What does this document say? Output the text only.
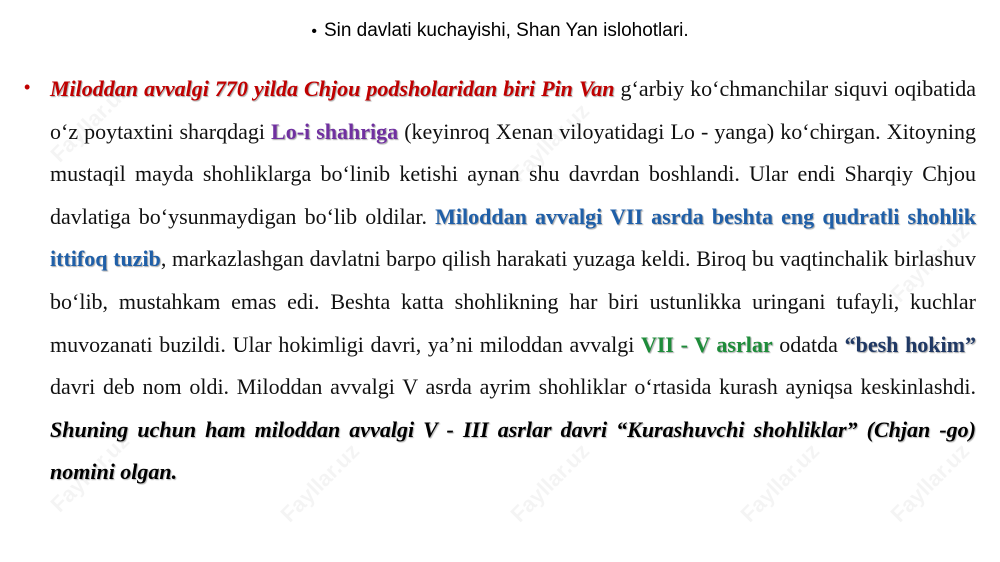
• Sin davlati kuchayishi, Shan Yan islohotlari.
• Miloddan avvalgi 770 yilda Chjou podsholaridan biri Pin Van g‘arbiy ko‘chmanchilar siquvi oqibatida o‘z poytaxtini sharqdagi Lo-i shahriga (keyinroq Xenan viloyatidagi Lo - yanga) ko‘chirgan. Xitoyning mustaqil mayda shohliklarga bo‘linib ketishi aynan shu davrdan boshlandi. Ular endi Sharqiy Chjou davlatiga bo‘ysunmaydigan bo‘lib oldilar. Miloddan avvalgi VII asrda beshta eng qudratli shohlik ittifoq tuzib, markazlashgan davlatni barpo qilish harakati yuzaga keldi. Biroq bu vaqtinchalik birlashuv bo‘lib, mustahkam emas edi. Beshta katta shohlikning har biri ustunlikka uringani tufayli, kuchlar muvozanati buzildi. Ular hokimligi davri, ya’ni miloddan avvalgi VII - V asrlar odatda “besh hokim” davri deb nom oldi. Miloddan avvalgi V asrda ayrim shohliklar o‘rtasida kurash ayniqsa keskinlashdi. Shuning uchun ham miloddan avvalgi V - III asrlar davri “Kurashuvchi shohliklar” (Chjan -go) nomini olgan.
